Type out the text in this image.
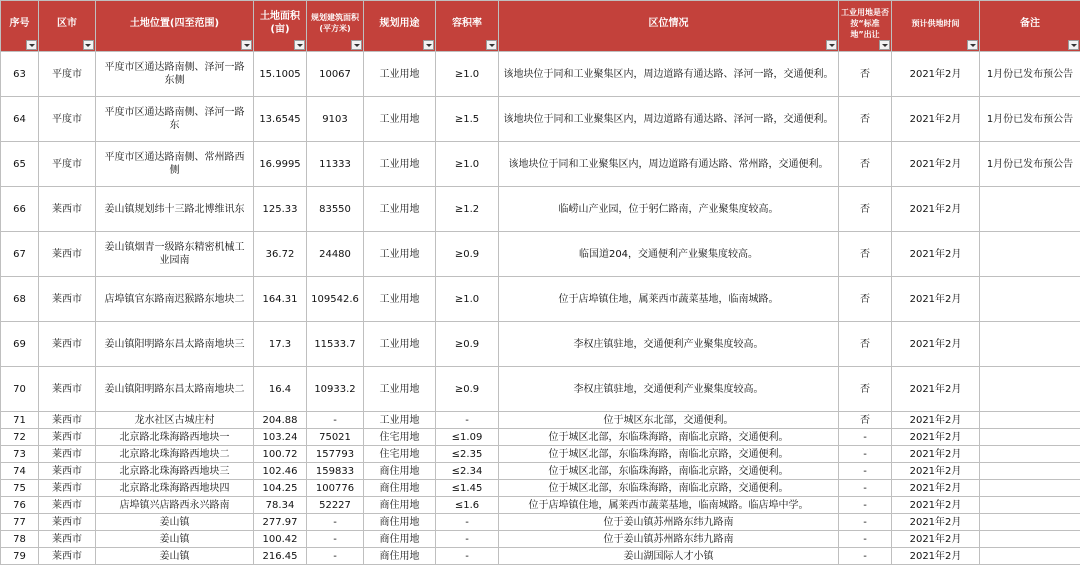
序号	区市	土地位置(四至范围)	土地面积(亩)	规划建筑面积(平方米)	规划用途	容积率	区位情况	工业用地是否按“标准地”出让	预计供地时间	备注

63	平度市	平度市区通达路南侧、泽河一路东侧	15.1005	10067	工业用地	≥1.0	该地块位于同和工业聚集区内，周边道路有通达路、泽河一路，交通便利。	否	2021年2月	1月份已发布预公告
64	平度市	平度市区通达路南侧、泽河一路东	13.6545	9103	工业用地	≥1.5	该地块位于同和工业聚集区内，周边道路有通达路、泽河一路，交通便利。	否	2021年2月	1月份已发布预公告
65	平度市	平度市区通达路南侧、常州路西侧	16.9995	11333	工业用地	≥1.0	该地块位于同和工业聚集区内，周边道路有通达路、常州路，交通便利。	否	2021年2月	1月份已发布预公告
66	莱西市	姜山镇规划纬十三路北博维讯东	125.33	83550	工业用地	≥1.2	临崂山产业园，位于躬仁路南，产业聚集度较高。	否	2021年2月	
67	莱西市	姜山镇烟青一级路东精密机械工业园南	36.72	24480	工业用地	≥0.9	临国道204，交通便利产业聚集度较高。	否	2021年2月	
68	莱西市	店埠镇官东路南迟猴路东地块二	164.31	109542.6	工业用地	≥1.0	位于店埠镇住地，属莱西市蔬菜基地，临南城路。	否	2021年2月	
69	莱西市	姜山镇阳明路东昌太路南地块三	17.3	11533.7	工业用地	≥0.9	李权庄镇驻地，交通便利产业聚集度较高。	否	2021年2月	
70	莱西市	姜山镇阳明路东昌太路南地块二	16.4	10933.2	工业用地	≥0.9	李权庄镇驻地，交通便利产业聚集度较高。	否	2021年2月	
71	莱西市	龙水社区古城庄村	204.88	-	工业用地	-	位于城区东北部，交通便利。	否	2021年2月	
72	莱西市	北京路北珠海路西地块一	103.24	75021	住宅用地	≤1.09	位于城区北部，东临珠海路，南临北京路，交通便利。	-	2021年2月	
73	莱西市	北京路北珠海路西地块二	100.72	157793	住宅用地	≤2.35	位于城区北部，东临珠海路，南临北京路，交通便利。	-	2021年2月	
74	莱西市	北京路北珠海路西地块三	102.46	159833	商住用地	≤2.34	位于城区北部，东临珠海路，南临北京路，交通便利。	-	2021年2月	
75	莱西市	北京路北珠海路西地块四	104.25	100776	商住用地	≤1.45	位于城区北部，东临珠海路，南临北京路，交通便利。	-	2021年2月	
76	莱西市	店埠镇兴店路西永兴路南	78.34	52227	商住用地	≤1.6	位于店埠镇住地，属莱西市蔬菜基地，临南城路。临店埠中学。	-	2021年2月	
77	莱西市	姜山镇	277.97	-	商住用地	-	位于姜山镇苏州路东纬九路南	-	2021年2月	
78	莱西市	姜山镇	100.42	-	商住用地	-	位于姜山镇苏州路东纬九路南	-	2021年2月	
79	莱西市	姜山镇	216.45	-	商住用地	-	姜山湖国际人才小镇	-	2021年2月	
